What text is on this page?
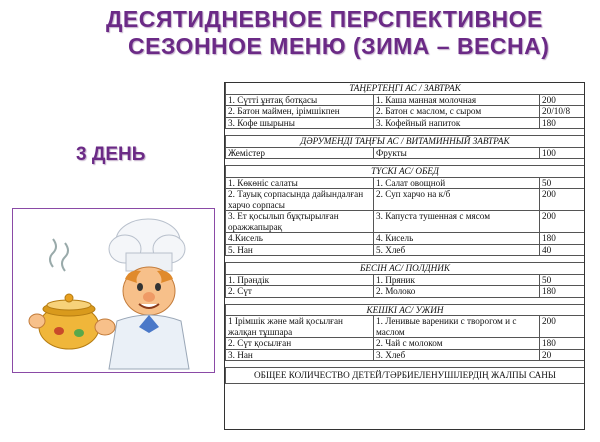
ДЕСЯТИДНЕВНОЕ ПЕРСПЕКТИВНОЕ
СЕЗОННОЕ МЕНЮ (ЗИМА – ВЕСНА)
3 ДЕНЬ
ТАҢЕРТЕҢГІ АС / ЗАВТРАК		
1. Сүтті ұнтақ ботқасы	1. Каша манная молочная	200
2. Батон маймен, ірімшікпен	2. Батон с маслом, с сыром	20/10/8
3. Кофе шырыны	3. Кофейный напиток	180

ДӘРУМЕНДІ ТАҢҒЫ АС / ВИТАМИННЫЙ ЗАВТРАК		
Жемістер	Фрукты	100

ТҮСКІ АС/ ОБЕД		
1. Көкөніс салаты	1. Салат овощной	50
2. Тауық сорпасында дайындалған харчо сорпасы	2. Суп харчо на к/б	200
3. Ет қосылып бұқтырылған оражжапырақ	3. Капуста тушенная с мясом	200
4.Кисель	4. Кисель	180
5. Нан	5. Хлеб	40

БЕСІН АС/ ПОЛДНИК		
1. Прәндік	1. Пряник	50
2. Сүт	2. Молоко	180

КЕШКІ АС/ УЖИН		
1 Ірімшік және май қосылған жалқан тұшпара	1. Ленивые вареники с творогом и с маслом	200
2. Сүт қосылған	2. Чай с молоком	180
3. Нан	3. Хлеб	20

ОБЩЕЕ КОЛИЧЕСТВО ДЕТЕЙ/ТӘРБИЕЛЕНУШІЛЕРДІҢ ЖАЛПЫ САНЫ		
